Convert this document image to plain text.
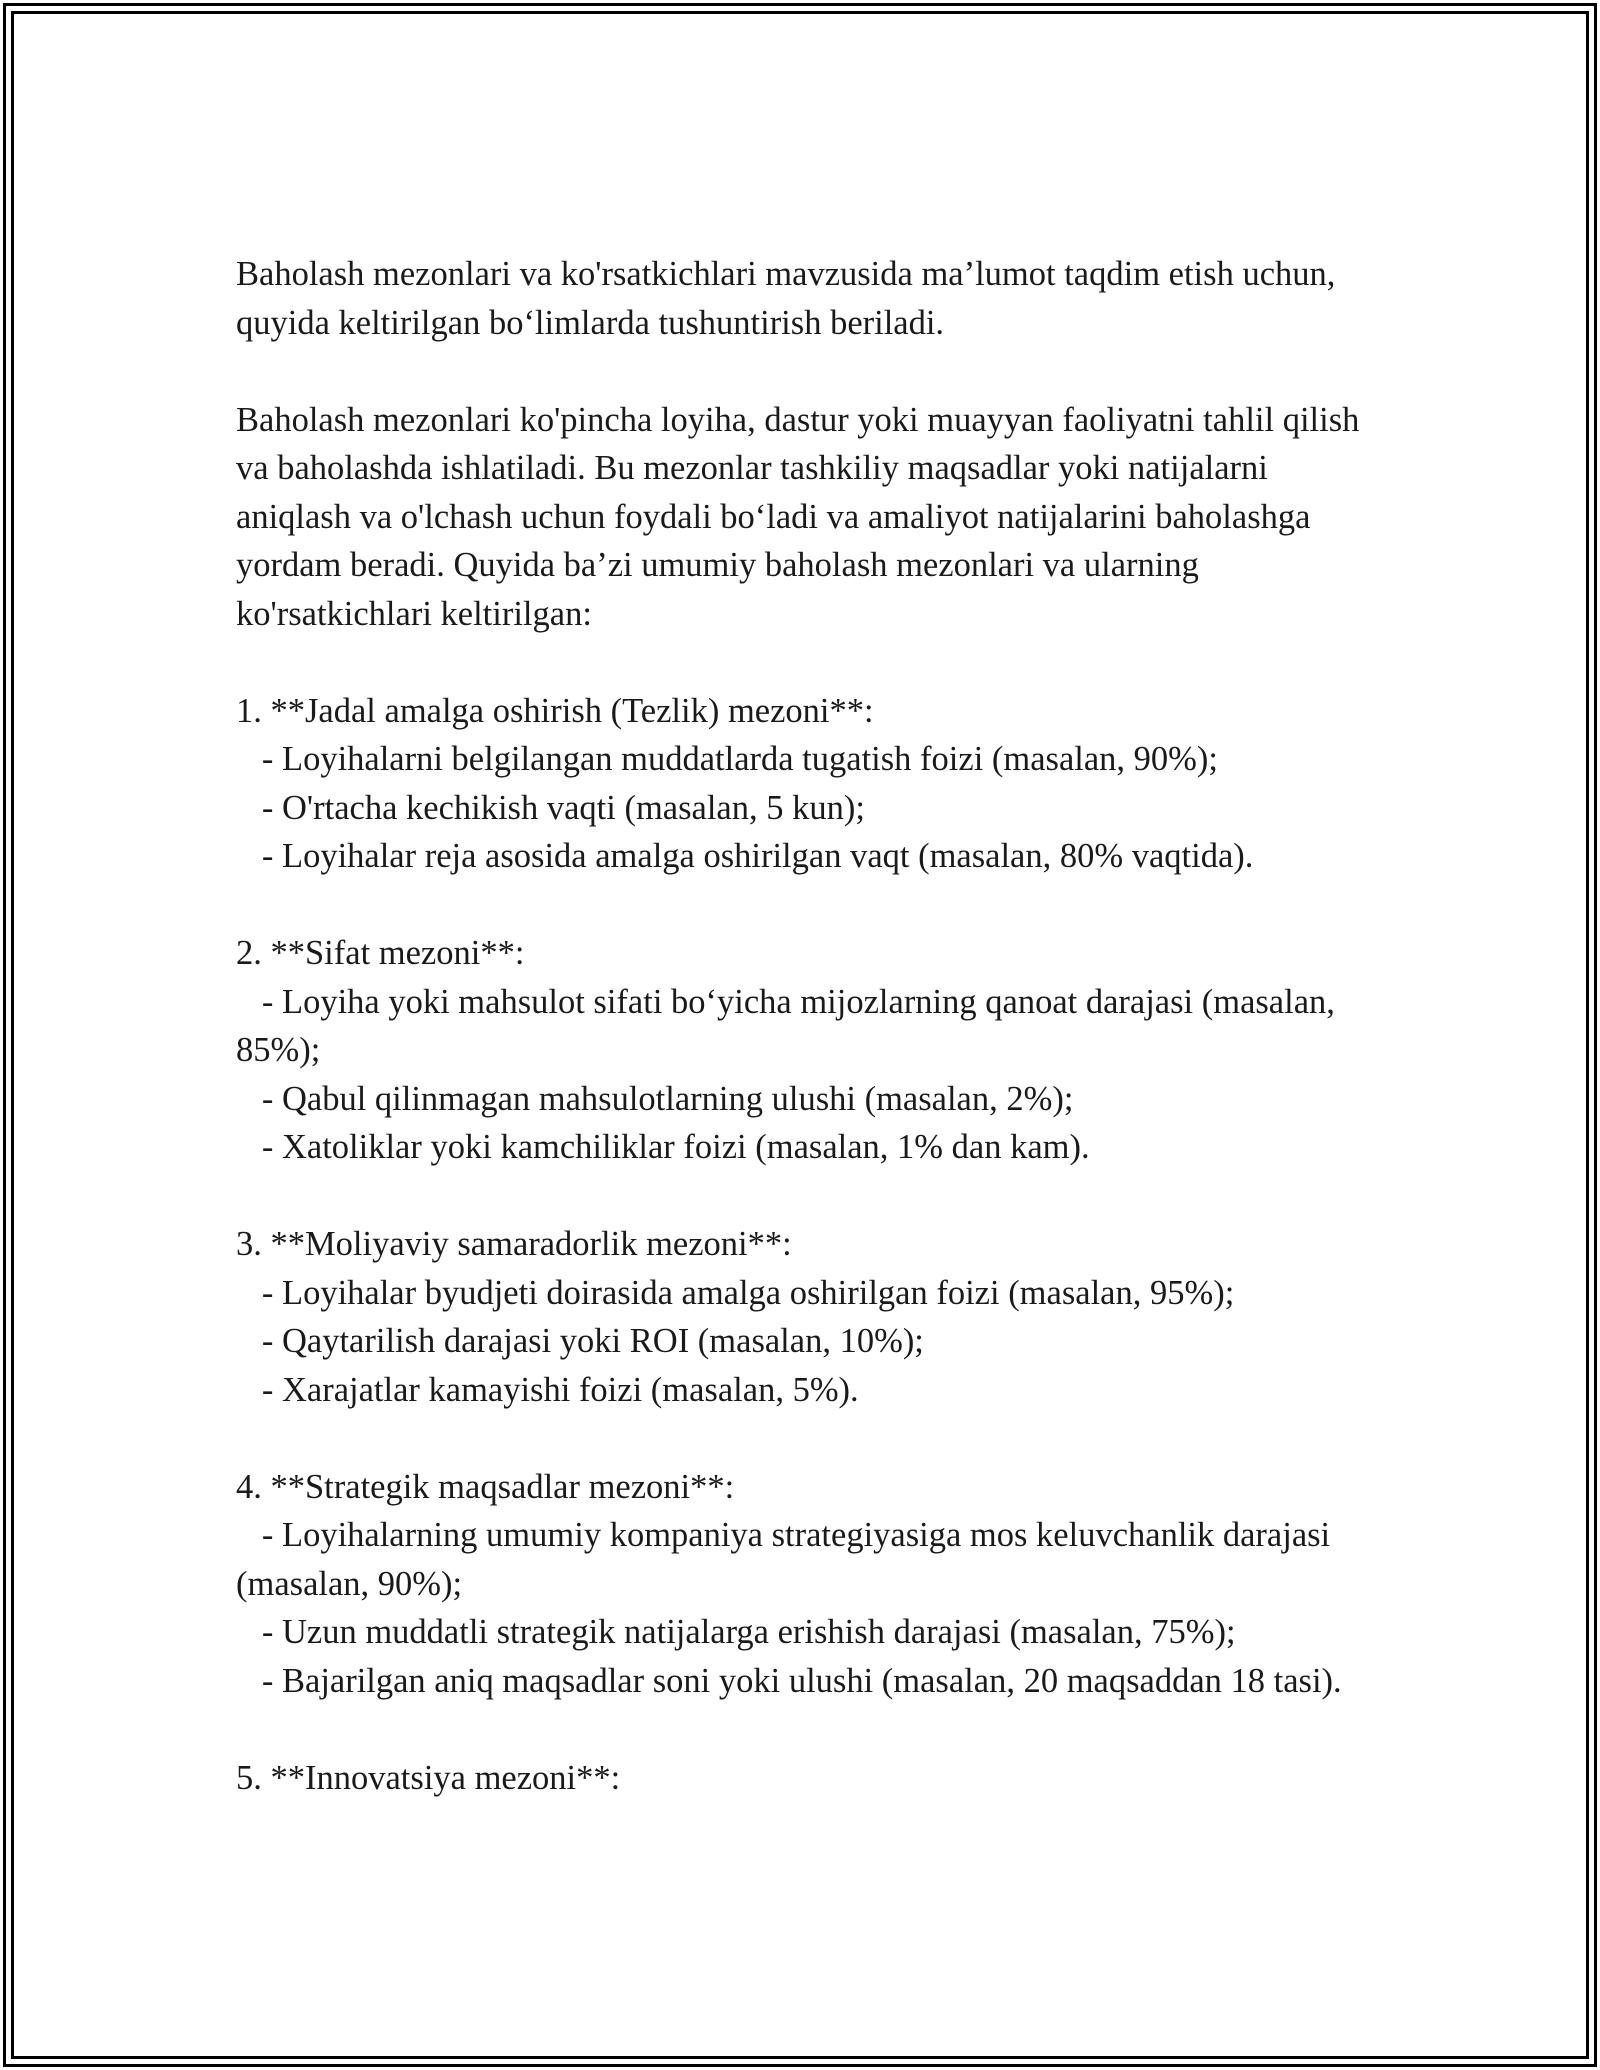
Baholash mezonlari va ko'rsatkichlari mavzusida ma’lumot taqdim etish uchun, quyida keltirilgan bo‘limlarda tushuntirish beriladi.

Baholash mezonlari ko'pincha loyiha, dastur yoki muayyan faoliyatni tahlil qilish va baholashda ishlatiladi. Bu mezonlar tashkiliy maqsadlar yoki natijalarni aniqlash va o'lchash uchun foydali bo‘ladi va amaliyot natijalarini baholashga yordam beradi. Quyida ba’zi umumiy baholash mezonlari va ularning ko'rsatkichlari keltirilgan:

1. **Jadal amalga oshirish (Tezlik) mezoni**:

- Loyihalarni belgilangan muddatlarda tugatish foizi (masalan, 90%);

- O'rtacha kechikish vaqti (masalan, 5 kun);

- Loyihalar reja asosida amalga oshirilgan vaqt (masalan, 80% vaqtida).

2. **Sifat mezoni**:

- Loyiha yoki mahsulot sifati bo‘yicha mijozlarning qanoat darajasi (masalan, 85%);

- Qabul qilinmagan mahsulotlarning ulushi (masalan, 2%);

- Xatoliklar yoki kamchiliklar foizi (masalan, 1% dan kam).

3. **Moliyaviy samaradorlik mezoni**:

- Loyihalar byudjeti doirasida amalga oshirilgan foizi (masalan, 95%);

- Qaytarilish darajasi yoki ROI (masalan, 10%);

- Xarajatlar kamayishi foizi (masalan, 5%).

4. **Strategik maqsadlar mezoni**:

- Loyihalarning umumiy kompaniya strategiyasiga mos keluvchanlik darajasi (masalan, 90%);

- Uzun muddatli strategik natijalarga erishish darajasi (masalan, 75%);

- Bajarilgan aniq maqsadlar soni yoki ulushi (masalan, 20 maqsaddan 18 tasi).

5. **Innovatsiya mezoni**:
